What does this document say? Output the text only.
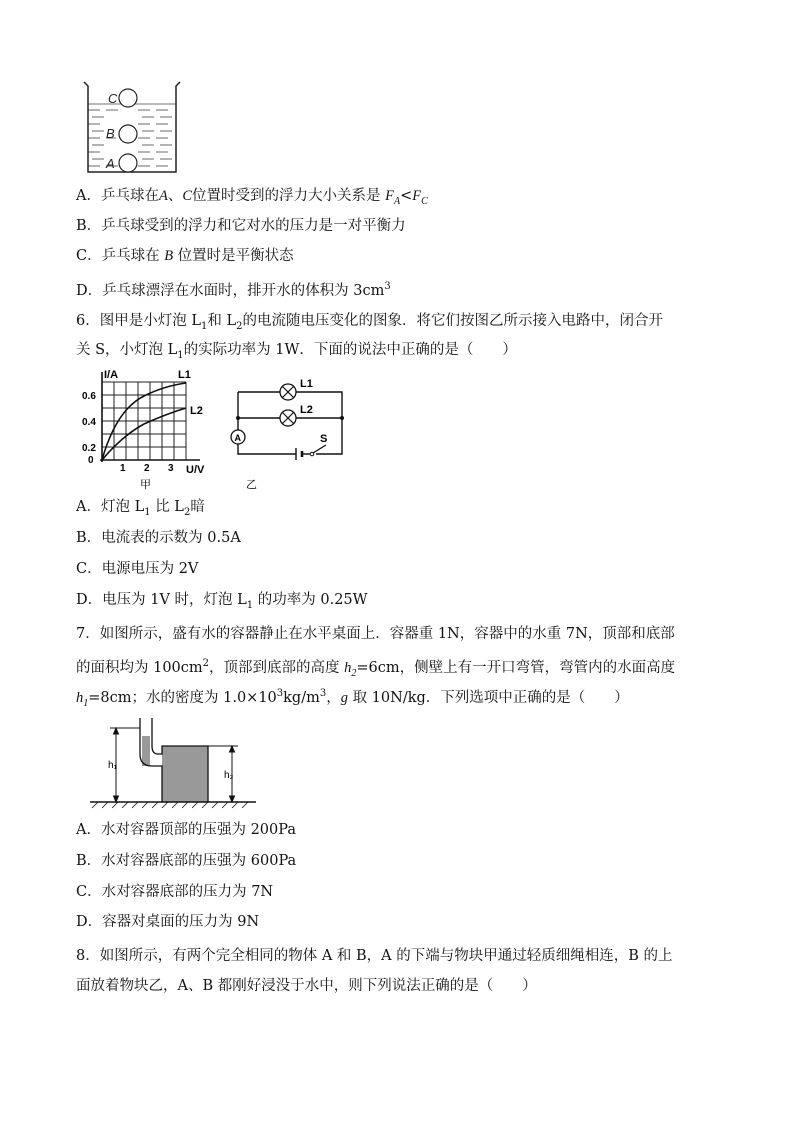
C
B
A
A．乒乓球在A、C位置时受到的浮力大小关系是 $F_A<F_C$
B．乒乓球受到的浮力和它对水的压力是一对平衡力
C．乒乓球在 B 位置时是平衡状态
D．乒乓球漂浮在水面时，排开水的体积为 $3cm^3$
6．图甲是小灯泡 $L_1$和 $L_2$的电流随电压变化的图象．将它们按图乙所示接入电路中，闭合开
关 S，小灯泡 $L_1$的实际功率为 1W．下面的说法中正确的是（　　）
I/A
U/V
0.6
0.4
0.2
0
1 2 3
L1
L2
甲
L1
L2
A	S
乙
A．灯泡 $L_1$ 比 $L_2$暗
B．电流表的示数为 0.5A
C．电源电压为 2V
D．电压为 1V 时，灯泡 $L_1$ 的功率为 0.25W
7．如图所示，盛有水的容器静止在水平桌面上．容器重 1N，容器中的水重 7N，顶部和底部
的面积均为 $100cm^2$，顶部到底部的高度 $h_2=6cm$，侧壁上有一开口弯管，弯管内的水面高度
$h_1=8cm$；水的密度为 $1.0\times 10^3kg/m^3$，g 取 10N/kg．下列选项中正确的是（　　）
h₁
h₂
A．水对容器顶部的压强为 200Pa
B．水对容器底部的压强为 600Pa
C．水对容器底部的压力为 7N
D．容器对桌面的压力为 9N
8．如图所示，有两个完全相同的物体 A 和 B，A 的下端与物块甲通过轻质细绳相连，B 的上
面放着物块乙，A、B 都刚好浸没于水中，则下列说法正确的是（　　）
